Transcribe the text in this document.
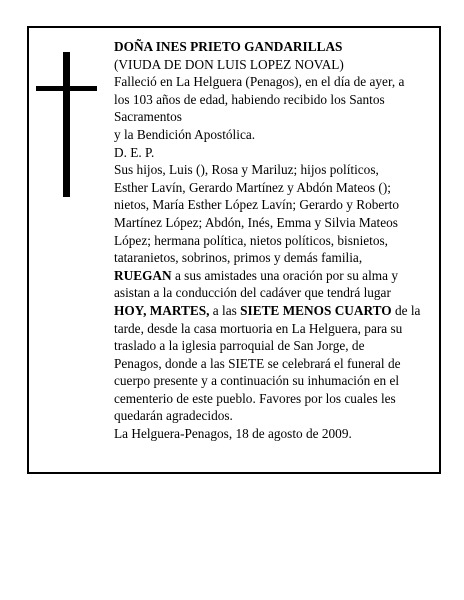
DOÑA INES PRIETO GANDARILLAS
(VIUDA DE DON LUIS LOPEZ NOVAL)
Falleció en La Helguera (Penagos), en el día de ayer, a
los 103 años de edad, habiendo recibido los Santos
Sacramentos
y la Bendición Apostólica.
D. E. P.
Sus hijos, Luis (), Rosa y Mariluz; hijos políticos,
Esther Lavín, Gerardo Martínez y Abdón Mateos ();
nietos, María Esther López Lavín; Gerardo y Roberto
Martínez López; Abdón, Inés, Emma y Silvia Mateos
López; hermana política, nietos políticos, bisnietos,
tataranietos, sobrinos, primos y demás familia,
RUEGAN a sus amistades una oración por su alma y
asistan a la conducción del cadáver que tendrá lugar
HOY, MARTES, a las SIETE MENOS CUARTO de la
tarde, desde la casa mortuoria en La Helguera, para su
traslado a la iglesia parroquial de San Jorge, de
Penagos, donde a las SIETE se celebrará el funeral de
cuerpo presente y a continuación su inhumación en el
cementerio de este pueblo. Favores por los cuales les
quedarán agradecidos.
La Helguera-Penagos, 18 de agosto de 2009.
